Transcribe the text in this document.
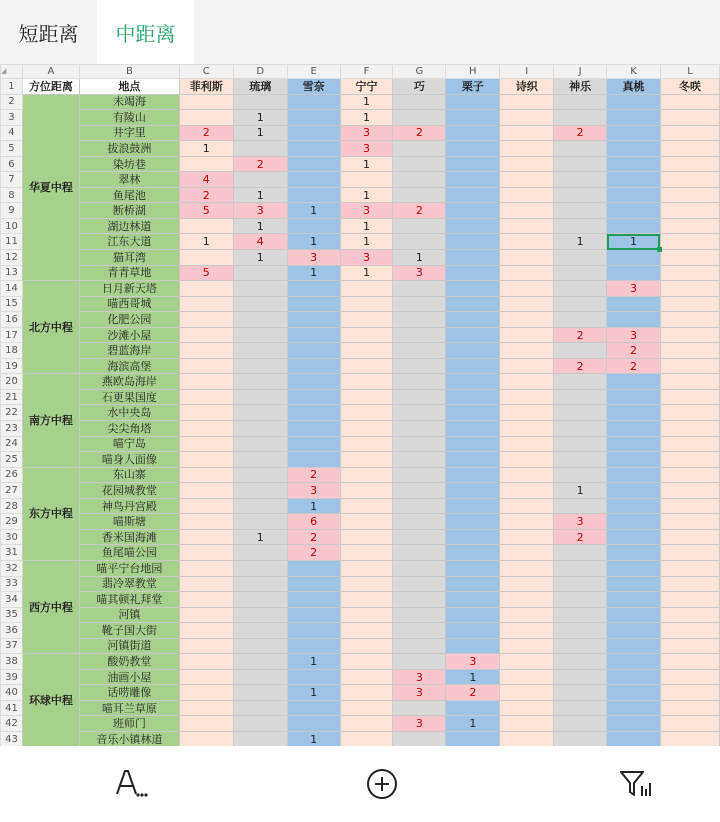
短距离	中距离
◢	A	B	C	D	E	F	G	H	I	J	K	L
1	方位距离	地点	菲利斯	琉璃	雪奈	宁宁	巧	栗子	诗织	神乐	真桃	冬咲
2	华夏中程	未竭海				1						
3		有陵山		1		1						
4		井字里	2	1		3	2			2		
5		拔浪鼓洲	1			3						
6		染坊巷		2		1						
7		翠林	4									
8		鱼尾池	2	1		1						
9		断桥湖	5	3	1	3	2					
10		湖边林道		1		1						
11		江东大道	1	4	1	1				1	1	
12		猫耳湾		1	3	3	1					
13		青青草地	5		1	1	3					
14	北方中程	日月新天塔									3	
15		喵西哥城										
16		化肥公园										
17		沙滩小屋								2	3	
18		碧蓝海岸									2	
19		海滨高堡								2	2	
20	南方中程	燕欧岛海岸										
21		石更果国度										
22		水中央岛										
23		尖尖角塔										
24		喵宁岛										
25		喵身人面像										
26	东方中程	东山寨			2							
27		花园城教堂			3					1		
28		神鸟丹宫殿			1							
29		喵斯塘			6					3		
30		香米国海滩		1	2					2		
31		鱼尾喵公园			2							
32	西方中程	喵平宁台地园										
33		翡冷翠教堂										
34		喵其顿礼拜堂										
35		河镇										
36		靴子国大街										
37		河镇街道										
38	环球中程	酸奶教堂			1			3				
39		油画小屋					3	1				
40		话唠雕像			1		3	2				
41		喵耳兰草原										
42		班师门					3	1				
43		音乐小镇林道			1							
